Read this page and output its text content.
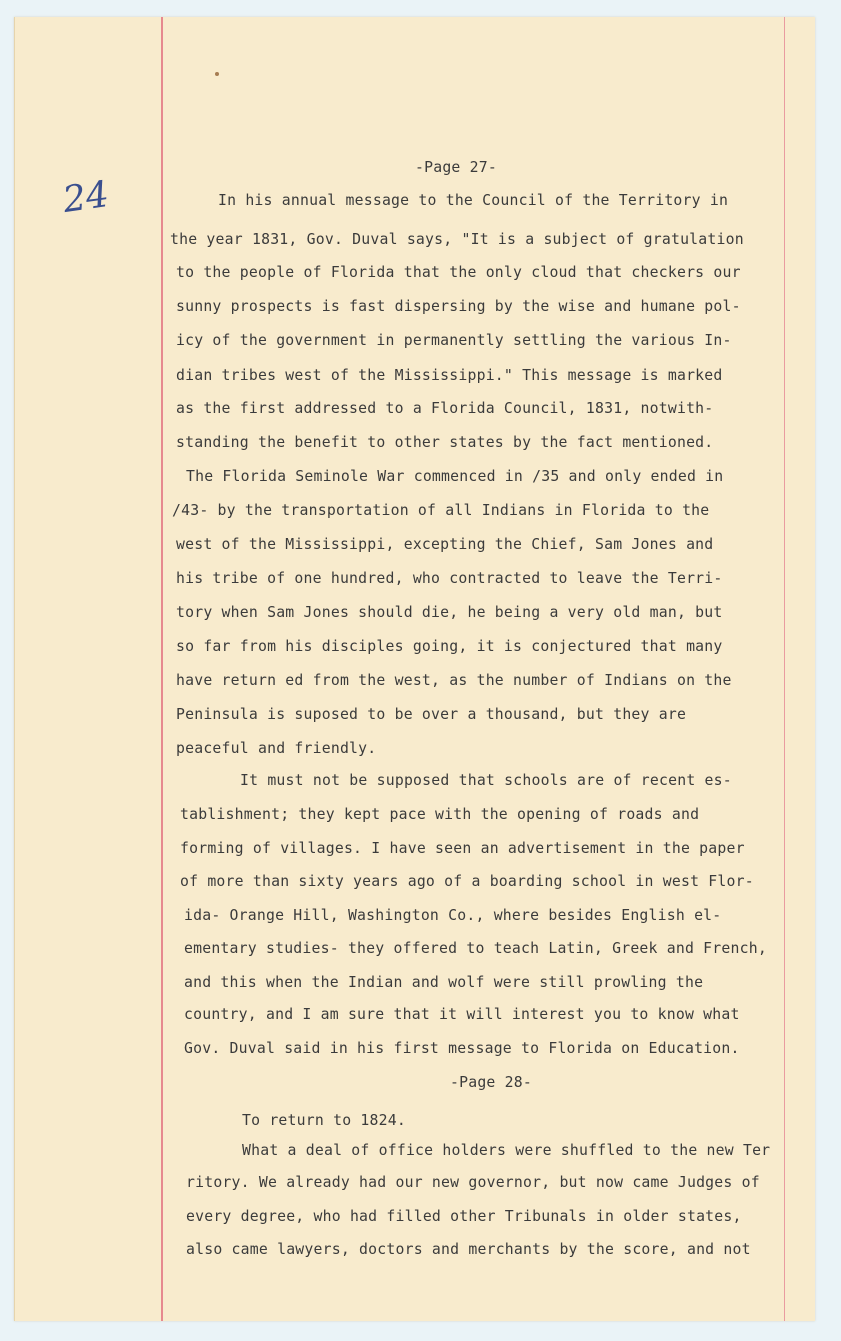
24
-Page 27-
In his annual message to the Council of the Territory in
the year 1831, Gov. Duval says, "It is a subject of gratulation
to the people of Florida that the only cloud that checkers our
sunny prospects is fast dispersing by the wise and humane pol-
icy of the government in permanently settling the various In-
dian tribes west of the Mississippi." This message is marked
as the first addressed to a Florida Council, 1831, notwith-
standing the benefit to other states by the fact mentioned.
The Florida Seminole War commenced in /35 and only ended in
/43- by the transportation of all Indians in Florida to the
west of the Mississippi, excepting the Chief, Sam Jones and
his tribe of one hundred, who contracted to leave the Terri-
tory when Sam Jones should die, he being a very old man, but
so far from his disciples going, it is conjectured that many
have return ed from the west, as the number of Indians on the
Peninsula is suposed to be over a thousand, but they are
peaceful and friendly.
It must not be supposed that schools are of recent es-
tablishment; they kept pace with the opening of roads and
forming of villages. I have seen an advertisement in the paper
of more than sixty years ago of a boarding school in west Flor-
ida- Orange Hill, Washington Co., where besides English el-
ementary studies- they offered to teach Latin, Greek and French,
and this when the Indian and wolf were still prowling the
country, and I am sure that it will interest you to know what
Gov. Duval said in his first message to Florida on Education.
-Page 28-
To return to 1824.
What a deal of office holders were shuffled to the new Ter
ritory. We already had our new governor, but now came Judges of
every degree, who had filled other Tribunals in older states,
also came lawyers, doctors and merchants by the score, and not
